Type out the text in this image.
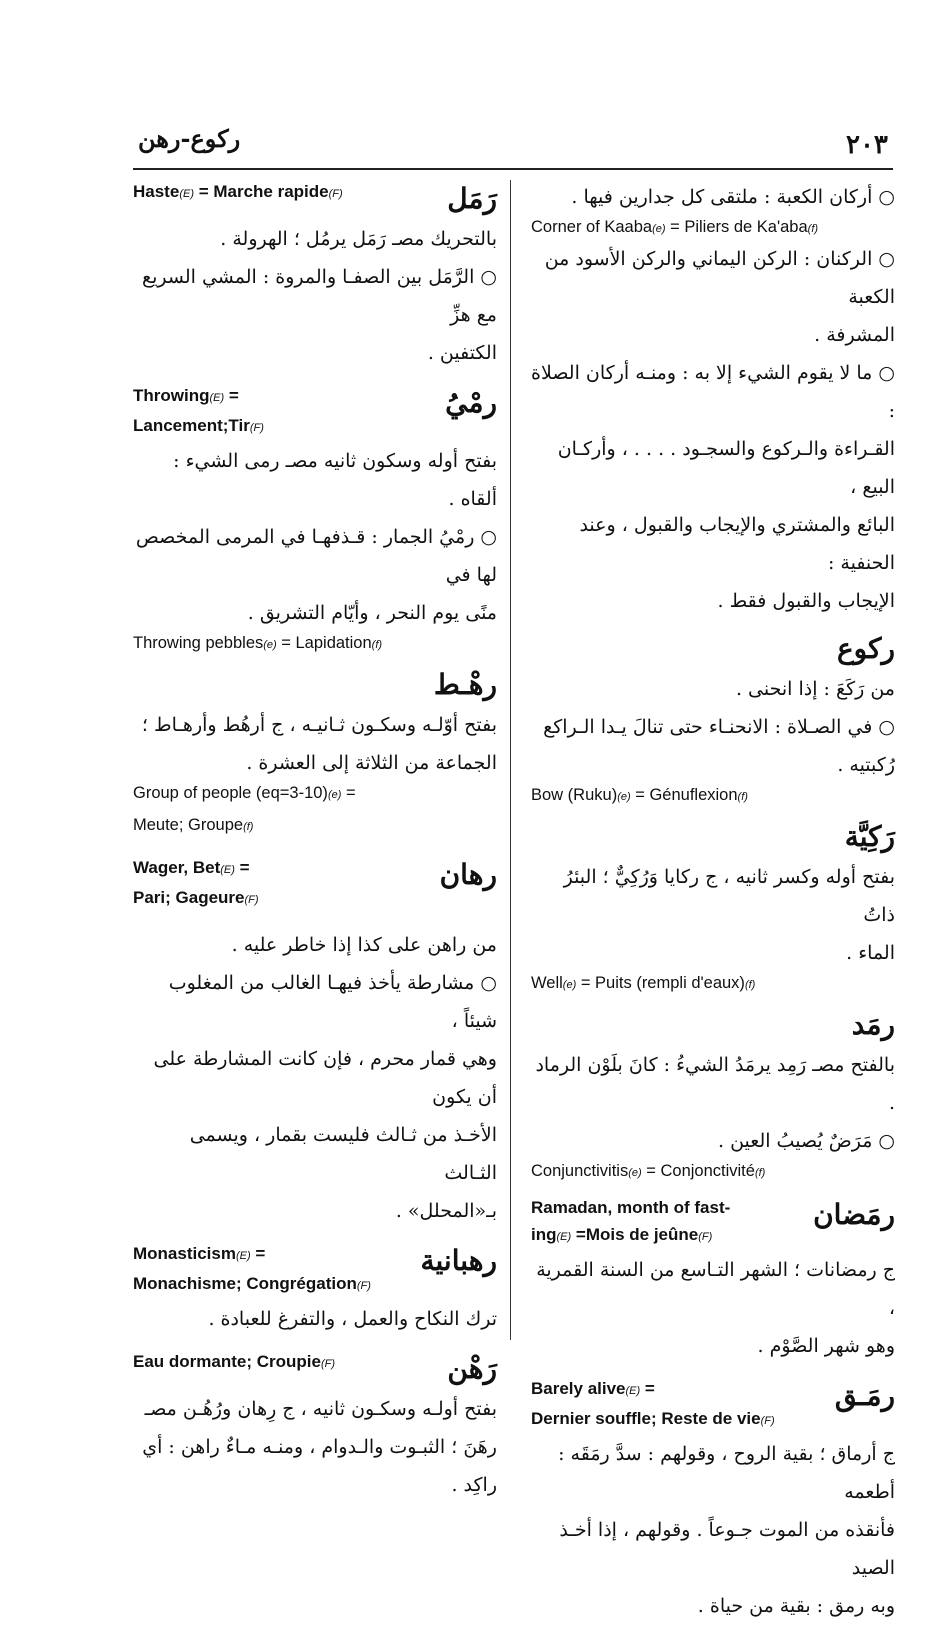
٢٠٣
ركوع-رهن

○ أركان الكعبة : ملتقى كل جدارين فيها .

Corner of Kaaba(e) = Piliers de Ka'aba(f)

○ الركنان : الركن اليماني والركن الأسود من الكعبة

المشرفة .

○ ما لا يقوم الشيء إلا به : ومنـه أركان الصلاة :

القـراءة والـركوع والسجـود . . . . ، وأركـان البيع ،

البائع والمشتري والإيجاب والقبول ، وعند الحنفية :

الإيجاب والقبول فقط .

ركوع

من رَكَعَ : إذا انحنى .

○ في الصـلاة : الانحنـاء حتى تنالَ يـدا الـراكع

رُكبتيه .

Bow (Ruku)(e) = Génuflexion(f)

رَكِيَّة

بفتح أوله وكسر ثانيه ، ج ركايا وَرُكِيٌّ ؛ البئرُ ذاتُ

الماء .

Well(e) = Puits (rempli d'eaux)(f)

رمَد

بالفتح مصـ رَمِد يرمَدُ الشيءُ : كانَ بلَوْن الرماد .

○ مَرَضٌ يُصيبُ العين .

Conjunctivitis(e) = Conjonctivité(f)

Ramadan, month of fast-
ing(E) =Mois de jeûne(F)
رمَضان

ج رمضانات ؛ الشهر التـاسع من السنة القمرية ،

وهو شهر الصَّوْم .

Barely alive(E) =
Dernier souffle; Reste de vie(F)
رمَـق

ج أرماق ؛ بقية الروح ، وقولهم : سدَّ رمَقَه : أطعمه

فأنقذه من الموت جـوعاً . وقولهم ، إذا أخـذ الصيد

وبه رمق : بقية من حياة .

Haste(E) = Marche rapide(F)	رَمَل

بالتحريك مصـ رَمَل يرمُل ؛ الهرولة .

○ الرَّمَل بين الصفـا والمروة : المشي السريع مع هزِّ

الكتفين .

Throwing(E) =
Lancement;Tir(F)
رمْيُ

بفتح أوله وسكون ثانيه مصـ رمى الشيء : ألقاه .

○ رمْيُ الجمار : قـذفهـا في المرمى المخصص لها في

منًى يوم النحر ، وأيّام التشريق .

Throwing pebbles(e) = Lapidation(f)

رهْـط

بفتح أوّلـه وسكـون ثـانيـه ، ج أرهُط وأرهـاط ؛

الجماعة من الثلاثة إلى العشرة .

Group of people (eq=3-10)(e) =

Meute; Groupe(f)

Wager, Bet(E) =
Pari; Gageure(F)
رهان

من راهن على كذا إذا خاطر عليه .

○ مشارطة يأخذ فيهـا الغالب من المغلوب شيئاً ،

وهي قمار محرم ، فإن كانت المشارطة على أن يكون

الأخـذ من ثـالث فليست بقمار ، ويسمى الثـالث

بـ«المحلل» .

Monasticism(E) =
Monachisme; Congrégation(F)
رهبانية

ترك النكاح والعمل ، والتفرغ للعبادة .

Eau dormante; Croupie(F)	رَهْن

بفتح أولـه وسكـون ثانيه ، ج رِهان ورُهُـن مصـ

رهَنَ ؛ الثبـوت والـدوام ، ومنـه مـاءٌ راهن : أي

راكِد .
